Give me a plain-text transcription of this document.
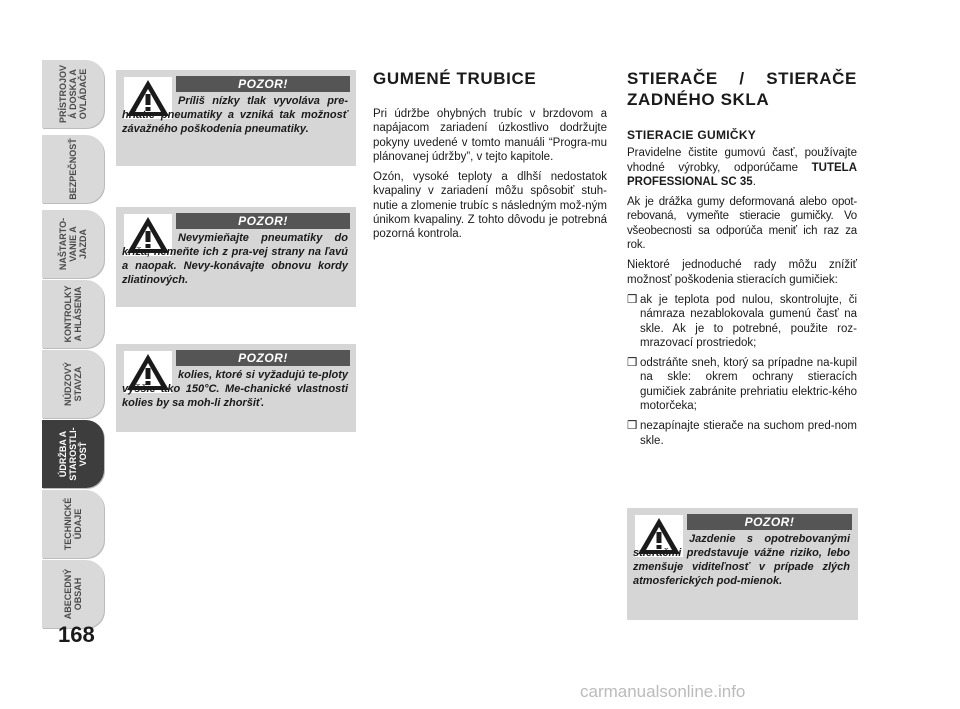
PRÍSTROJOV
Á DOSKA A
OVLÁDAČE
BEZPEČNOSŤ
NAŠTARTO-
VANIE A
JAZDA
KONTROLKY
A HLÁSENIA
NÚDZOVÝ
STAVZA
ÚDRŽBA A
STAROSTLI-
VOSŤ
TECHNICKÉ
ÚDAJE
ABECEDNÝ
OBSAH
168
POZOR!
Príliš nízky tlak vyvoláva pre-hriatie pneumatiky a vzniká tak možnosť závažného poškodenia pneumatiky.
POZOR!
Nevymieňajte pneumatiky do kríža, nemeňte ich z pra-vej strany na ľavú a naopak. Nevy-konávajte obnovu kordy zliatinových.
POZOR!
kolies, ktoré si vyžadujú te-ploty vyššie ako 150°C. Me-chanické vlastnosti kolies by sa moh-li zhoršiť.
GUMENÉ TRUBICE

Pri údržbe ohybných trubíc v brzdovom a napájacom zariadení úzkostlivo dodržujte pokyny uvedené v tomto manuáli “Progra-mu plánovanej údržby”, v tejto kapitole.

Ozón, vysoké teploty a dlhší nedostatok kvapaliny v zariadení môžu spôsobiť stuh-nutie a zlomenie trubíc s následným mož-ným únikom kvapaliny. Z tohto dôvodu je potrebná pozorná kontrola.

STIERAČE / STIERAČE ZADNÉHO SKLA
STIERACIE GUMIČKY

Pravidelne čistite gumovú časť, používajte vhodné výrobky, odporúčame TUTELA PROFESSIONAL SC 35.

Ak je drážka gumy deformovaná alebo opot-rebovaná, vymeňte stieracie gumičky. Vo všeobecnosti sa odporúča meniť ich raz za rok.

Niektoré jednoduché rady môžu znížiť možnosť poškodenia stieracích gumičiek:

❒ ak je teplota pod nulou, skontrolujte, či námraza nezablokovala gumenú časť na skle. Ak je to potrebné, použite roz-mrazovací prostriedok;
❒ odstráňte sneh, ktorý sa prípadne na-kupil na skle: okrem ochrany stieracích gumičiek zabránite prehriatiu elektric-kého motorčeka;
❒ nezapínajte stierače na suchom pred-nom skle.
POZOR!
Jazdenie s opotrebovanými stieračmi predstavuje vážne riziko, lebo zmenšuje viditeľnosť v prípade zlých atmosferických pod-mienok.
carmanualsonline.info
